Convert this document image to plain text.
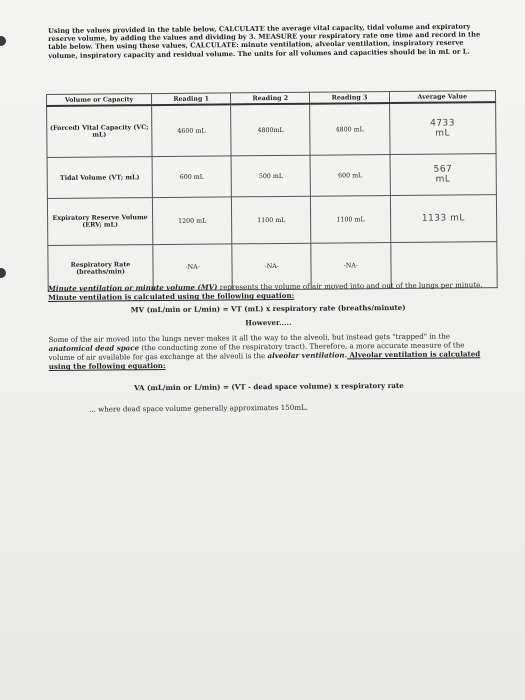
Using the values provided in the table below, CALCULATE the average vital capacity, tidal volume and expiratory reserve volume, by adding the values and dividing by 3. MEASURE your respiratory rate one time and record in the table below. Then using these values, CALCULATE: minute ventilation, alveolar ventilation, inspiratory reserve volume, inspiratory capacity and residual volume. The units for all volumes and capacities should be in mL or L.
Volume or Capacity	Reading 1	Reading 2	Reading 3	Average Value
(Forced) Vital Capacity (VC; mL)	4600 mL	4800mL	4800 mL	4733
mL

Tidal Volume (VT; mL)	600 mL	500 mL	600 mL	567
mL

Expiratory Reserve Volume (ERV; mL)	1200 mL	1100 mL	1100 mL	1133 mL

Respiratory Rate (breaths/min)	-NA-	-NA-	-NA-	
Minute ventilation or minute volume (MV) represents the volume of air moved into and out of the lungs per minute. Minute ventilation is calculated using the following equation:
MV (mL/min or L/min) = VT (mL) x respiratory rate (breaths/minute)
However.....
Some of the air moved into the lungs never makes it all the way to the alveoli, but instead gets "trapped" in the anatomical dead space (the conducting zone of the respiratory tract). Therefore, a more accurate measure of the volume of air available for gas exchange at the alveoli is the alveolar ventilation. Alveolar ventilation is calculated using the following equation:
VA (mL/min or L/min) = (VT - dead space volume) x respiratory rate
... where dead space volume generally approximates 150mL.
